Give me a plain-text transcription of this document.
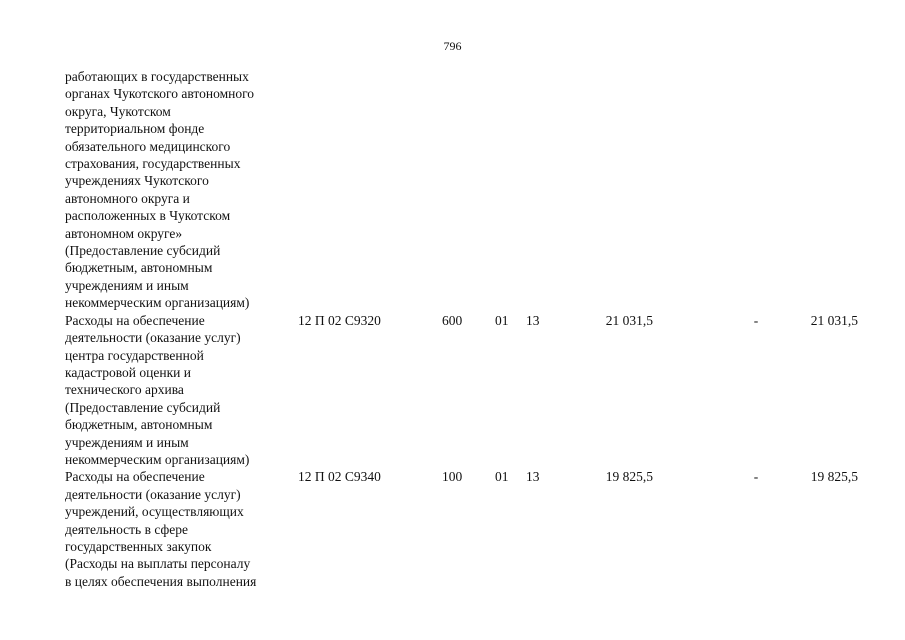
796
работающих в государственных
органах Чукотского автономного
округа, Чукотском
территориальном фонде
обязательного медицинского
страхования, государственных
учреждениях Чукотского
автономного округа и
расположенных в Чукотском
автономном округе»
(Предоставление субсидий
бюджетным, автономным
учреждениям и иным
некоммерческим организациям)
Расходы на обеспечение
деятельности (оказание услуг)
центра государственной
кадастровой оценки и
технического архива
(Предоставление субсидий
бюджетным, автономным
учреждениям и иным
некоммерческим организациям)
12 П 02 С9320	600 01 13	21 031,5	-	21 031,5
Расходы на обеспечение
деятельности (оказание услуг)
учреждений, осуществляющих
деятельность в сфере
государственных закупок
(Расходы на выплаты персоналу
в целях обеспечения выполнения
12 П 02 С9340	100 01 13	19 825,5	-	19 825,5
